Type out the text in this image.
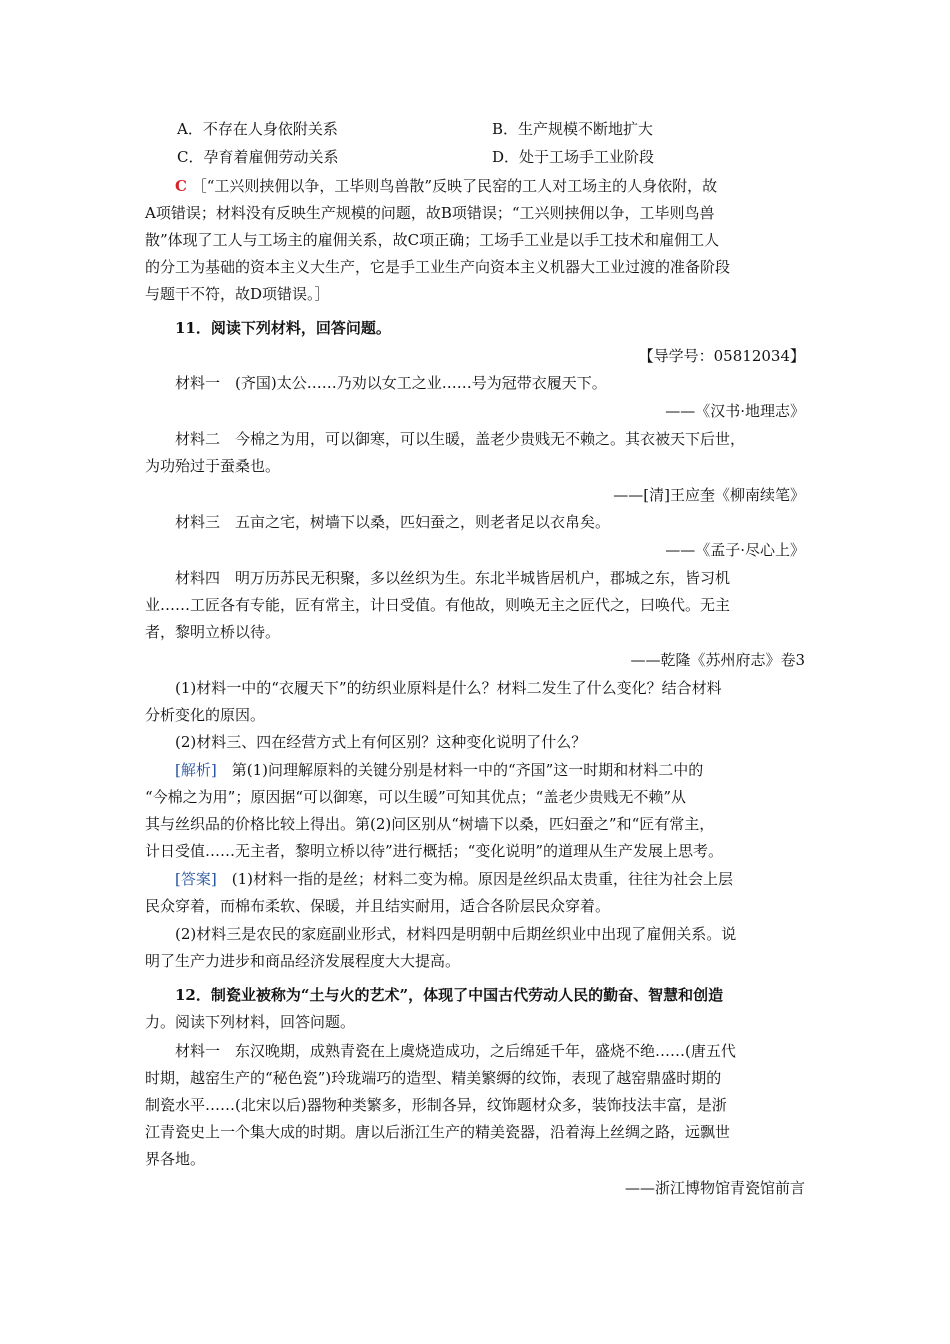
A．不存在人身依附关系	B．生产规模不断地扩大
C．孕育着雇佣劳动关系	D．处于工场手工业阶段
C ［“工兴则挟佣以争，工毕则鸟兽散”反映了民窑的工人对工场主的人身依附，故
A项错误；材料没有反映生产规模的问题，故B项错误；“工兴则挟佣以争，工毕则鸟兽
散”体现了工人与工场主的雇佣关系，故C项正确；工场手工业是以手工技术和雇佣工人
的分工为基础的资本主义大生产，它是手工业生产向资本主义机器大工业过渡的准备阶段
与题干不符，故D项错误。］
11．阅读下列材料，回答问题。
【导学号：05812034】
材料一　(齐国)太公……乃劝以女工之业……号为冠带衣履天下。
——《汉书·地理志》
材料二　今棉之为用，可以御寒，可以生暖，盖老少贵贱无不赖之。其衣被天下后世，
为功殆过于蚕桑也。
——[清]王应奎《柳南续笔》
材料三　五亩之宅，树墙下以桑，匹妇蚕之，则老者足以衣帛矣。
——《孟子·尽心上》
材料四　明万历苏民无积聚，多以丝织为生。东北半城皆居机户，郡城之东，皆习机
业……工匠各有专能，匠有常主，计日受值。有他故，则唤无主之匠代之，曰唤代。无主
者，黎明立桥以待。
——乾隆《苏州府志》卷3
(1)材料一中的“衣履天下”的纺织业原料是什么？材料二发生了什么变化？结合材料
分析变化的原因。
(2)材料三、四在经营方式上有何区别？这种变化说明了什么？
[解析]　第(1)问理解原料的关键分别是材料一中的“齐国”这一时期和材料二中的
“今棉之为用”；原因据“可以御寒，可以生暖”可知其优点；“盖老少贵贱无不赖”从
其与丝织品的价格比较上得出。第(2)问区别从“树墙下以桑，匹妇蚕之”和“匠有常主，
计日受值……无主者，黎明立桥以待”进行概括；“变化说明”的道理从生产发展上思考。
[答案]　(1)材料一指的是丝；材料二变为棉。原因是丝织品太贵重，往往为社会上层
民众穿着，而棉布柔软、保暖，并且结实耐用，适合各阶层民众穿着。
(2)材料三是农民的家庭副业形式，材料四是明朝中后期丝织业中出现了雇佣关系。说
明了生产力进步和商品经济发展程度大大提高。
12．制瓷业被称为“土与火的艺术”，体现了中国古代劳动人民的勤奋、智慧和创造
力。阅读下列材料，回答问题。
材料一　东汉晚期，成熟青瓷在上虞烧造成功，之后绵延千年，盛烧不绝……(唐五代
时期，越窑生产的“秘色瓷”)玲珑端巧的造型、精美繁缛的纹饰，表现了越窑鼎盛时期的
制瓷水平……(北宋以后)器物种类繁多，形制各异，纹饰题材众多，装饰技法丰富，是浙
江青瓷史上一个集大成的时期。唐以后浙江生产的精美瓷器，沿着海上丝绸之路，远飘世
界各地。
——浙江博物馆青瓷馆前言
